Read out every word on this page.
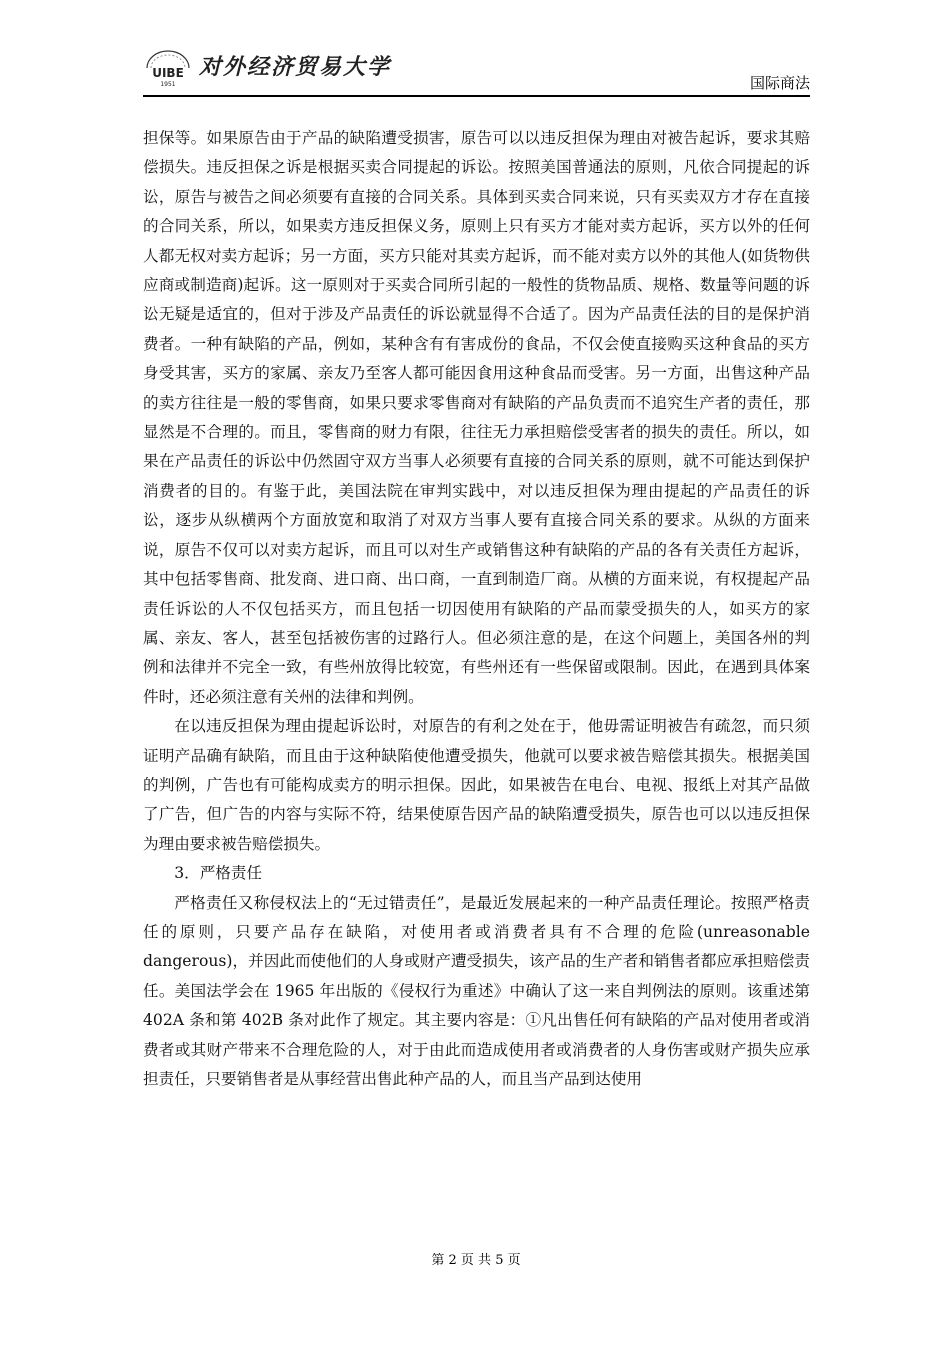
UIBE
1951
对外经济贸易大学
国际商法

担保等。如果原告由于产品的缺陷遭受损害，原告可以以违反担保为理由对被告起诉，要求其赔偿损失。违反担保之诉是根据买卖合同提起的诉讼。按照美国普通法的原则，凡依合同提起的诉讼，原告与被告之间必须要有直接的合同关系。具体到买卖合同来说，只有买卖双方才存在直接的合同关系，所以，如果卖方违反担保义务，原则上只有买方才能对卖方起诉，买方以外的任何人都无权对卖方起诉；另一方面，买方只能对其卖方起诉，而不能对卖方以外的其他人(如货物供应商或制造商)起诉。这一原则对于买卖合同所引起的一般性的货物品质、规格、数量等问题的诉讼无疑是适宜的，但对于涉及产品责任的诉讼就显得不合适了。因为产品责任法的目的是保护消费者。一种有缺陷的产品，例如，某种含有有害成份的食品，不仅会使直接购买这种食品的买方身受其害，买方的家属、亲友乃至客人都可能因食用这种食品而受害。另一方面，出售这种产品的卖方往往是一般的零售商，如果只要求零售商对有缺陷的产品负责而不追究生产者的责任，那显然是不合理的。而且，零售商的财力有限，往往无力承担赔偿受害者的损失的责任。所以，如果在产品责任的诉讼中仍然固守双方当事人必须要有直接的合同关系的原则，就不可能达到保护消费者的目的。有鉴于此，美国法院在审判实践中，对以违反担保为理由提起的产品责任的诉讼，逐步从纵横两个方面放宽和取消了对双方当事人要有直接合同关系的要求。从纵的方面来说，原告不仅可以对卖方起诉，而且可以对生产或销售这种有缺陷的产品的各有关责任方起诉，其中包括零售商、批发商、进口商、出口商，一直到制造厂商。从横的方面来说，有权提起产品责任诉讼的人不仅包括买方，而且包括一切因使用有缺陷的产品而蒙受损失的人，如买方的家属、亲友、客人，甚至包括被伤害的过路行人。但必须注意的是，在这个问题上，美国各州的判例和法律并不完全一致，有些州放得比较宽，有些州还有一些保留或限制。因此，在遇到具体案件时，还必须注意有关州的法律和判例。

在以违反担保为理由提起诉讼时，对原告的有利之处在于，他毋需证明被告有疏忽，而只须证明产品确有缺陷，而且由于这种缺陷使他遭受损失，他就可以要求被告赔偿其损失。根据美国的判例，广告也有可能构成卖方的明示担保。因此，如果被告在电台、电视、报纸上对其产品做了广告，但广告的内容与实际不符，结果使原告因产品的缺陷遭受损失，原告也可以以违反担保为理由要求被告赔偿损失。

3．严格责任

严格责任又称侵权法上的“无过错责任”，是最近发展起来的一种产品责任理论。按照严格责任的原则，只要产品存在缺陷，对使用者或消费者具有不合理的危险(unreasonable dangerous)，并因此而使他们的人身或财产遭受损失，该产品的生产者和销售者都应承担赔偿责任。美国法学会在 1965 年出版的《侵权行为重述》中确认了这一来自判例法的原则。该重述第 402A 条和第 402B 条对此作了规定。其主要内容是：①凡出售任何有缺陷的产品对使用者或消费者或其财产带来不合理危险的人，对于由此而造成使用者或消费者的人身伤害或财产损失应承担责任，只要销售者是从事经营出售此种产品的人，而且当产品到达使用

第 2 页 共 5 页
